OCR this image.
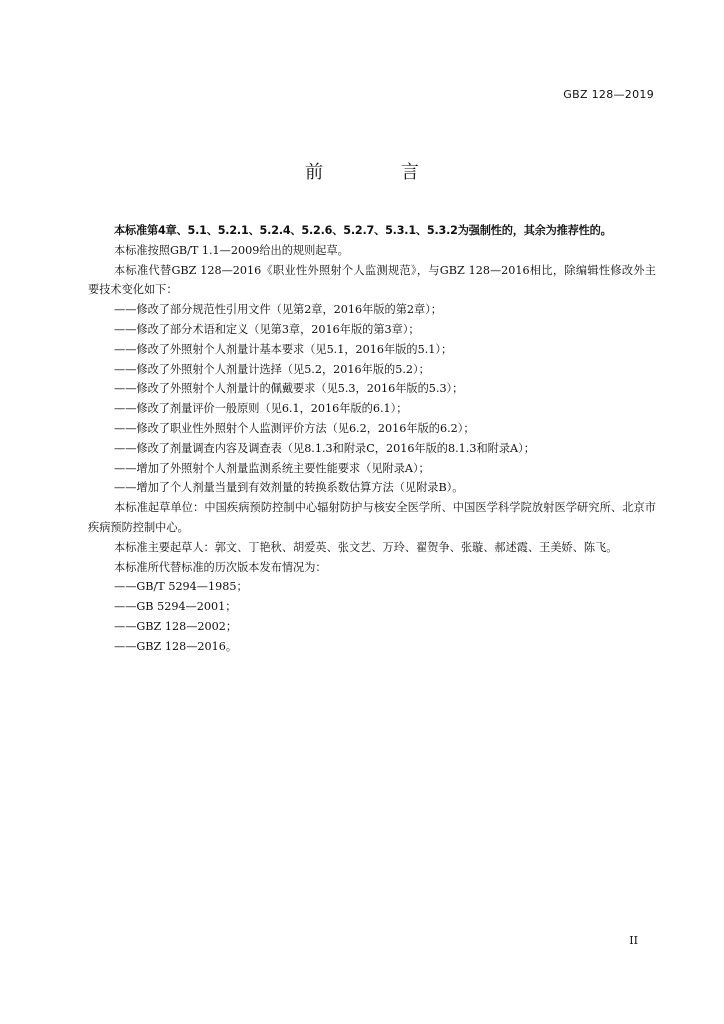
GBZ 128—2019
前 言

本标准第4章、5.1、5.2.1、5.2.4、5.2.6、5.2.7、5.3.1、5.3.2为强制性的，其余为推荐性的。

本标准按照GB/T 1.1—2009给出的规则起草。

本标准代替GBZ 128—2016《职业性外照射个人监测规范》，与GBZ 128—2016相比，除编辑性修改外主要技术变化如下：

——修改了部分规范性引用文件（见第2章，2016年版的第2章）；
——修改了部分术语和定义（见第3章，2016年版的第3章）；
——修改了外照射个人剂量计基本要求（见5.1，2016年版的5.1）；
——修改了外照射个人剂量计选择（见5.2，2016年版的5.2）；
——修改了外照射个人剂量计的佩戴要求（见5.3，2016年版的5.3）；
——修改了剂量评价一般原则（见6.1，2016年版的6.1）；
——修改了职业性外照射个人监测评价方法（见6.2，2016年版的6.2）；
——修改了剂量调查内容及调查表（见8.1.3和附录C，2016年版的8.1.3和附录A）；
——增加了外照射个人剂量监测系统主要性能要求（见附录A）；
——增加了个人剂量当量到有效剂量的转换系数估算方法（见附录B）。

本标准起草单位：中国疾病预防控制中心辐射防护与核安全医学所、中国医学科学院放射医学研究所、北京市疾病预防控制中心。

本标准主要起草人：郭文、丁艳秋、胡爱英、张文艺、万玲、翟贺争、张璇、郝述霞、王美娇、陈飞。

本标准所代替标准的历次版本发布情况为：

——GB/T 5294—1985；
——GB 5294—2001；
——GBZ 128—2002；
——GBZ 128—2016。
II
